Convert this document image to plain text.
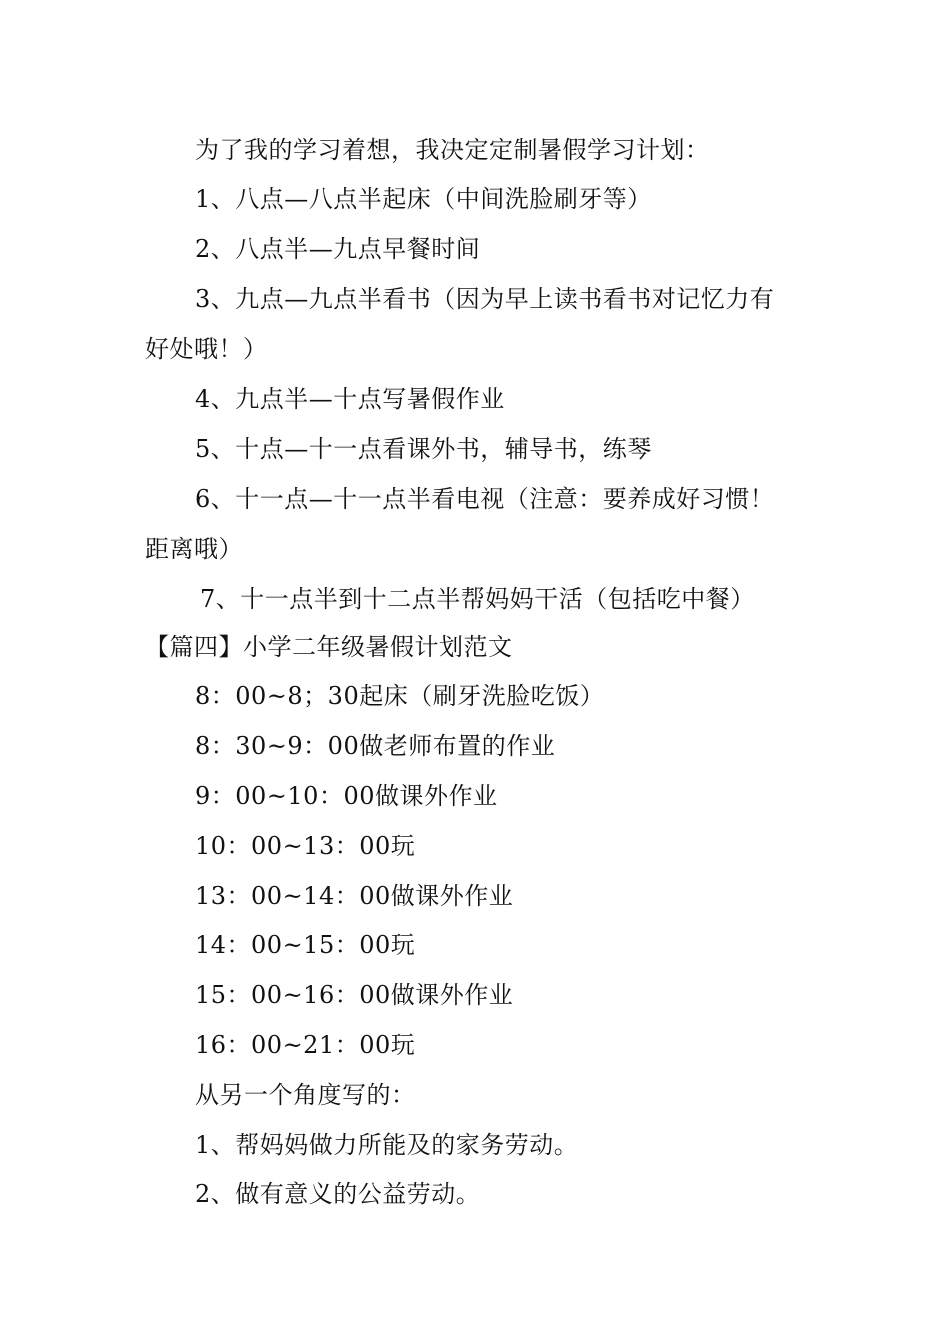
为了我的学习着想，我决定定制暑假学习计划：
1、八点—八点半起床（中间洗脸刷牙等）
2、八点半—九点早餐时间
3、九点—九点半看书（因为早上读书看书对记忆力有
好处哦！）
4、九点半—十点写暑假作业
5、十点—十一点看课外书，辅导书，练琴
6、十一点—十一点半看电视（注意：要养成好习惯！
距离哦）
7、十一点半到十二点半帮妈妈干活（包括吃中餐）
【篇四】小学二年级暑假计划范文
8：00~8；30起床（刷牙洗脸吃饭）
8：30~9：00做老师布置的作业
9：00~10：00做课外作业
10：00~13：00玩
13：00~14：00做课外作业
14：00~15：00玩
15：00~16：00做课外作业
16：00~21：00玩
从另一个角度写的：
1、帮妈妈做力所能及的家务劳动。
2、做有意义的公益劳动。
